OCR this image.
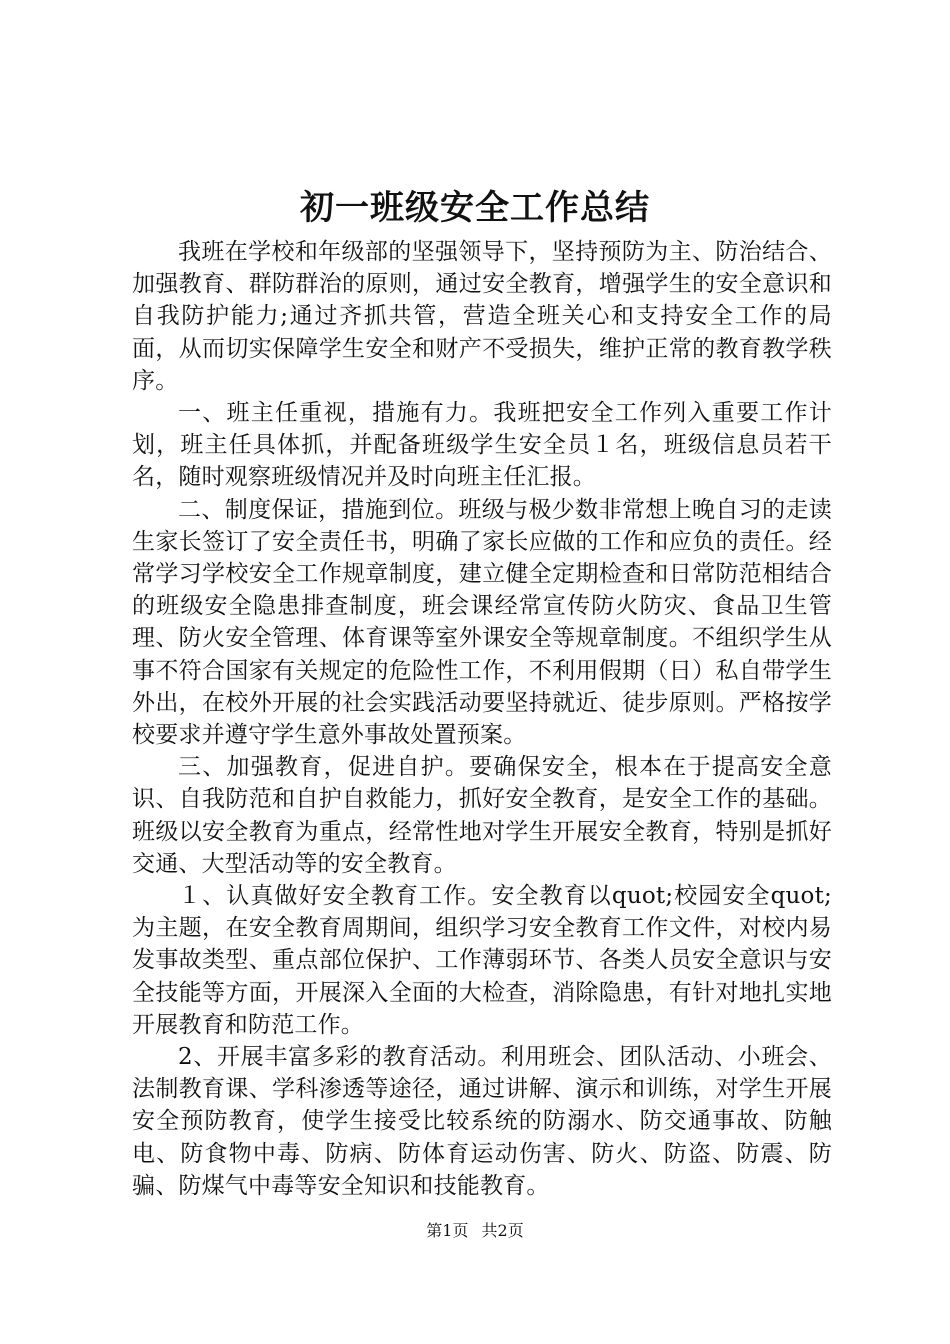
初一班级安全工作总结

我班在学校和年级部的坚强领导下，坚持预防为主、防治结合、加强教育、群防群治的原则，通过安全教育，增强学生的安全意识和自我防护能力;通过齐抓共管，营造全班关心和支持安全工作的局面，从而切实保障学生安全和财产不受损失，维护正常的教育教学秩序。

一、班主任重视，措施有力。我班把安全工作列入重要工作计划，班主任具体抓，并配备班级学生安全员１名，班级信息员若干名，随时观察班级情况并及时向班主任汇报。

二、制度保证，措施到位。班级与极少数非常想上晚自习的走读生家长签订了安全责任书，明确了家长应做的工作和应负的责任。经常学习学校安全工作规章制度，建立健全定期检查和日常防范相结合的班级安全隐患排查制度，班会课经常宣传防火防灾、食品卫生管理、防火安全管理、体育课等室外课安全等规章制度。不组织学生从事不符合国家有关规定的危险性工作，不利用假期（日）私自带学生外出，在校外开展的社会实践活动要坚持就近、徒步原则。严格按学校要求并遵守学生意外事故处置预案。

三、加强教育，促进自护。要确保安全，根本在于提高安全意识、自我防范和自护自救能力，抓好安全教育，是安全工作的基础。班级以安全教育为重点，经常性地对学生开展安全教育，特别是抓好交通、大型活动等的安全教育。

１、认真做好安全教育工作。安全教育以quot;校园安全quot;为主题，在安全教育周期间，组织学习安全教育工作文件，对校内易发事故类型、重点部位保护、工作薄弱环节、各类人员安全意识与安全技能等方面，开展深入全面的大检查，消除隐患，有针对地扎实地开展教育和防范工作。

2、开展丰富多彩的教育活动。利用班会、团队活动、小班会、法制教育课、学科渗透等途径，通过讲解、演示和训练，对学生开展安全预防教育，使学生接受比较系统的防溺水、防交通事故、防触电、防食物中毒、防病、防体育运动伤害、防火、防盗、防震、防骗、防煤气中毒等安全知识和技能教育。

第1页 共2页
